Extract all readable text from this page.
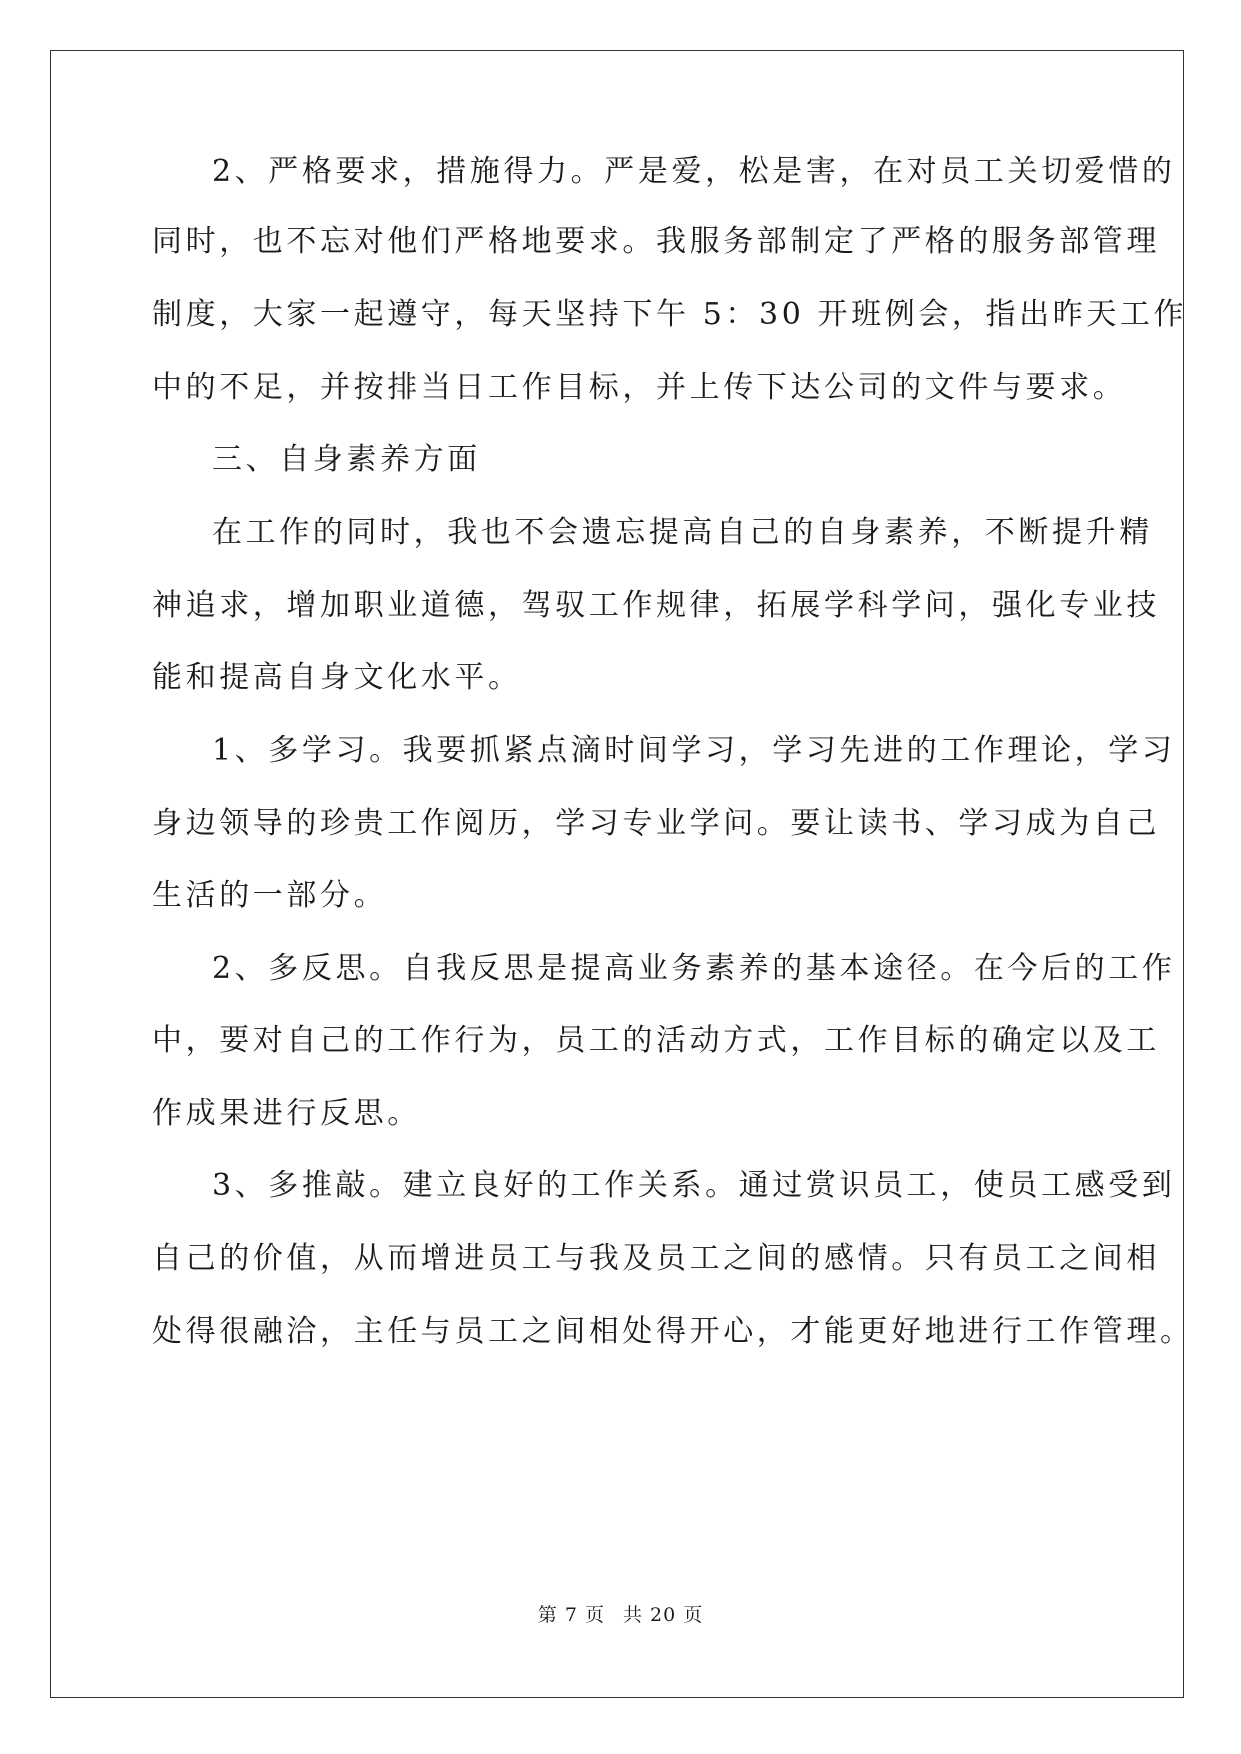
2、严格要求，措施得力。严是爱，松是害，在对员工关切爱惜的
同时，也不忘对他们严格地要求。我服务部制定了严格的服务部管理
制度，大家一起遵守，每天坚持下午 5：30 开班例会，指出昨天工作
中的不足，并按排当日工作目标，并上传下达公司的文件与要求。
三、自身素养方面
在工作的同时，我也不会遗忘提高自己的自身素养，不断提升精
神追求，增加职业道德，驾驭工作规律，拓展学科学问，强化专业技
能和提高自身文化水平。
1、多学习。我要抓紧点滴时间学习，学习先进的工作理论，学习
身边领导的珍贵工作阅历，学习专业学问。要让读书、学习成为自己
生活的一部分。
2、多反思。自我反思是提高业务素养的基本途径。在今后的工作
中，要对自己的工作行为，员工的活动方式，工作目标的确定以及工
作成果进行反思。
3、多推敲。建立良好的工作关系。通过赏识员工，使员工感受到
自己的价值，从而增进员工与我及员工之间的感情。只有员工之间相
处得很融洽，主任与员工之间相处得开心，才能更好地进行工作管理。
第 7 页 共 20 页
